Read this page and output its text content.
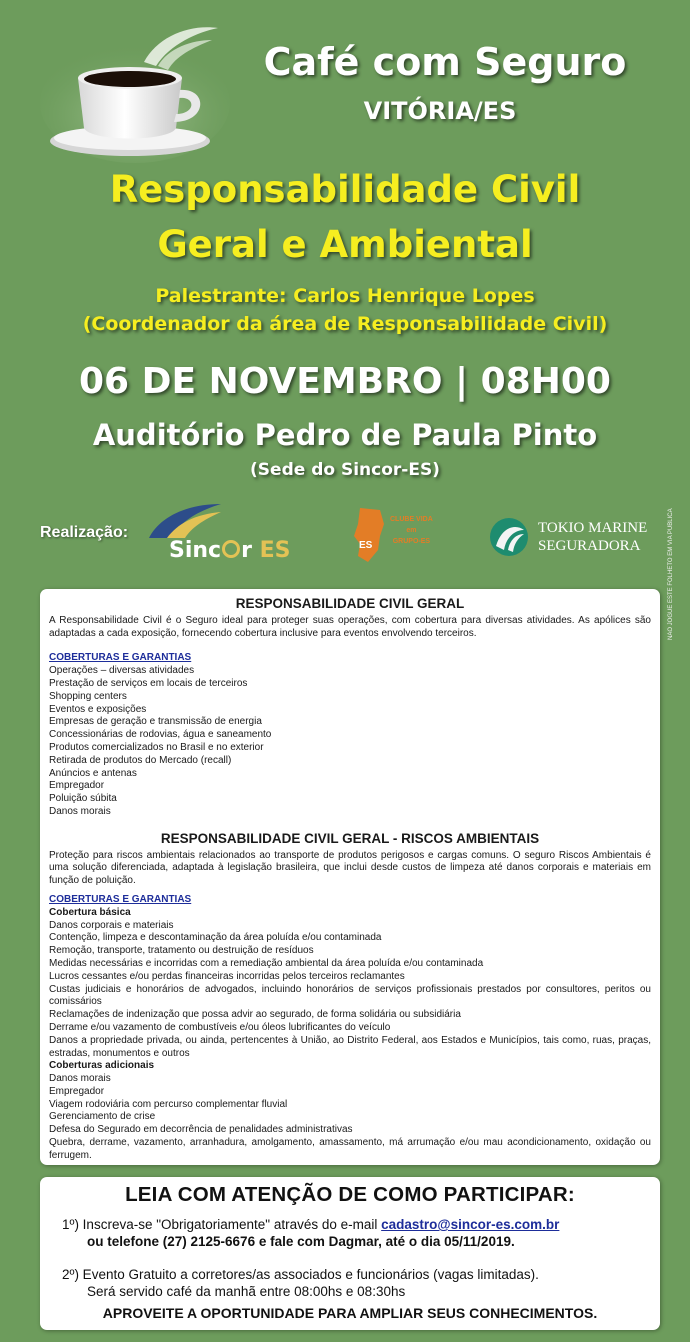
Café com Seguro
VITÓRIA/ES
Responsabilidade Civil
Geral e Ambiental
Palestrante: Carlos Henrique Lopes
(Coordenador da área de Responsabilidade Civil)
06 DE NOVEMBRO | 08H00
Auditório Pedro de Paula Pinto
(Sede do Sincor-ES)
Realização:
Sinc r ES	ES
CLUBE VIDA
em
GRUPO-ES
TOKIO MARINE
SEGURADORA	NÃO JOGUE ESTE FOLHETO EM VIA PÚBLICA
RESPONSABILIDADE CIVIL GERAL
A Responsabilidade Civil é o Seguro ideal para proteger suas operações, com cobertura para diversas atividades. As apólices são adaptadas a cada exposição, fornecendo cobertura inclusive para eventos envolvendo terceiros.
COBERTURAS E GARANTIAS
Operações – diversas atividades
Prestação de serviços em locais de terceiros
Shopping centers
Eventos e exposições
Empresas de geração e transmissão de energia
Concessionárias de rodovias, água e saneamento
Produtos comercializados no Brasil e no exterior
Retirada de produtos do Mercado (recall)
Anúncios e antenas
Empregador
Poluição súbita
Danos morais
RESPONSABILIDADE CIVIL GERAL - RISCOS AMBIENTAIS
Proteção para riscos ambientais relacionados ao transporte de produtos perigosos e cargas comuns. O seguro Riscos Ambientais é uma solução diferenciada, adaptada à legislação brasileira, que inclui desde custos de limpeza até danos corporais e materiais em função de poluição.
COBERTURAS E GARANTIAS
Cobertura básica
Danos corporais e materiais
Contenção, limpeza e descontaminação da área poluída e/ou contaminada
Remoção, transporte, tratamento ou destruição de resíduos
Medidas necessárias e incorridas com a remediação ambiental da área poluída e/ou contaminada
Lucros cessantes e/ou perdas financeiras incorridas pelos terceiros reclamantes
Custas judiciais e honorários de advogados, incluindo honorários de serviços profissionais prestados por consultores, peritos ou comissários
Reclamações de indenização que possa advir ao segurado, de forma solidária ou subsidiária
Derrame e/ou vazamento de combustíveis e/ou óleos lubrificantes do veículo
Danos a propriedade privada, ou ainda, pertencentes à União, ao Distrito Federal, aos Estados e Municípios, tais como, ruas, praças, estradas, monumentos e outros
Coberturas adicionais
Danos morais
Empregador
Viagem rodoviária com percurso complementar fluvial
Gerenciamento de crise
Defesa do Segurado em decorrência de penalidades administrativas
Quebra, derrame, vazamento, arranhadura, amolgamento, amassamento, má arrumação e/ou mau acondicionamento, oxidação ou ferrugem.
LEIA COM ATENÇÃO DE COMO PARTICIPAR:
1º) Inscreva-se "Obrigatoriamente" através do e-mail cadastro@sincor-es.com.br
ou telefone (27) 2125-6676 e fale com Dagmar, até o dia 05/11/2019.
2º) Evento Gratuito a corretores/as associados e funcionários (vagas limitadas).
Será servido café da manhã entre 08:00hs e 08:30hs
APROVEITE A OPORTUNIDADE PARA AMPLIAR SEUS CONHECIMENTOS.
